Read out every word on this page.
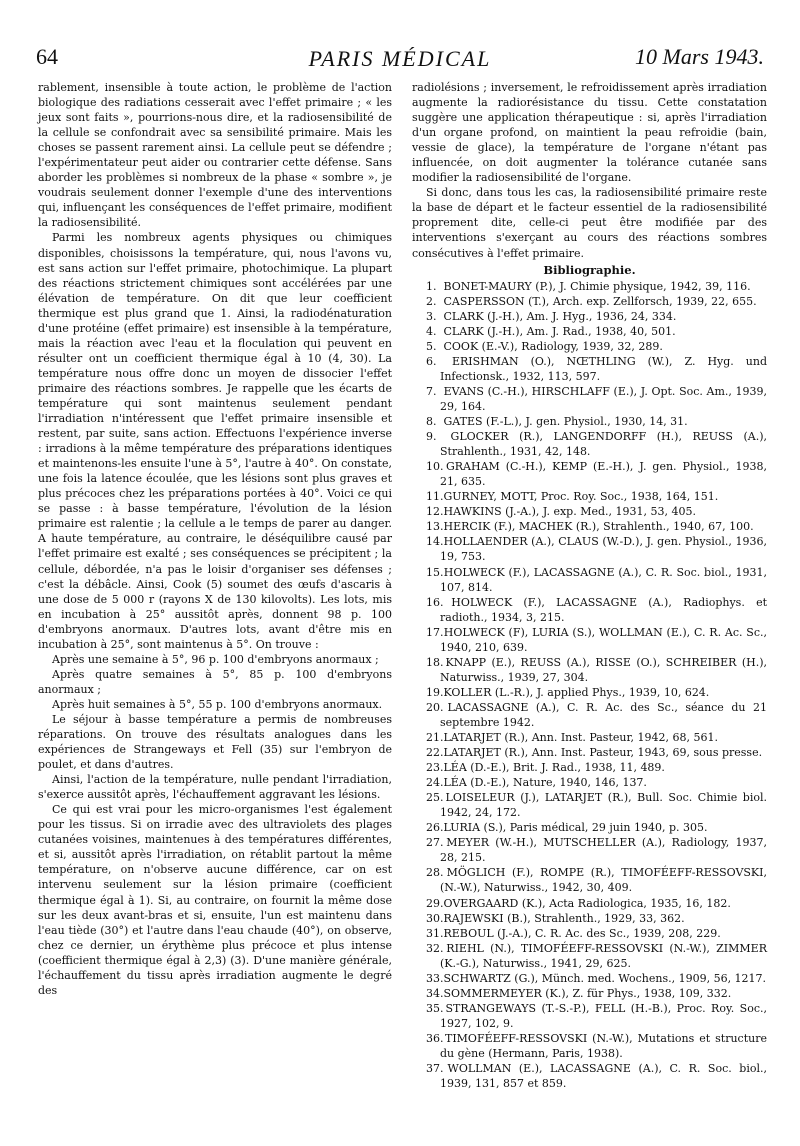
64	PARIS MÉDICAL	10 Mars 1943.

rablement, insensible à toute action, le problème de l'action biologique des radiations cesserait avec l'effet primaire ; « les jeux sont faits », pourrions-nous dire, et la radiosensibilité de la cellule se confondrait avec sa sensibilité primaire. Mais les choses se passent rarement ainsi. La cellule peut se défendre ; l'expérimentateur peut aider ou contrarier cette défense. Sans aborder les problèmes si nombreux de la phase « sombre », je voudrais seulement donner l'exemple d'une des interventions qui, influençant les conséquences de l'effet primaire, modifient la radiosensibilité.

Parmi les nombreux agents physiques ou chimiques disponibles, choisissons la température, qui, nous l'avons vu, est sans action sur l'effet primaire, photochimique. La plupart des réactions strictement chimiques sont accélérées par une élévation de température. On dit que leur coefficient thermique est plus grand que 1. Ainsi, la radiodénaturation d'une protéine (effet primaire) est insensible à la température, mais la réaction avec l'eau et la floculation qui peuvent en résulter ont un coefficient thermique égal à 10 (4, 30). La température nous offre donc un moyen de dissocier l'effet primaire des réactions sombres. Je rappelle que les écarts de température qui sont maintenus seulement pendant l'irradiation n'intéressent que l'effet primaire insensible et restent, par suite, sans action. Effectuons l'expérience inverse : irradions à la même température des préparations identiques et maintenons-les ensuite l'une à 5°, l'autre à 40°. On constate, une fois la latence écoulée, que les lésions sont plus graves et plus précoces chez les préparations portées à 40°. Voici ce qui se passe : à basse température, l'évolution de la lésion primaire est ralentie ; la cellule a le temps de parer au danger. A haute température, au contraire, le déséquilibre causé par l'effet primaire est exalté ; ses conséquences se précipitent ; la cellule, débordée, n'a pas le loisir d'organiser ses défenses ; c'est la débâcle. Ainsi, Cook (5) soumet des œufs d'ascaris à une dose de 5 000 r (rayons X de 130 kilovolts). Les lots, mis en incubation à 25° aussitôt après, donnent 98 p. 100 d'embryons anormaux. D'autres lots, avant d'être mis en incubation à 25°, sont maintenus à 5°. On trouve :

Après une semaine à 5°, 96 p. 100 d'embryons anormaux ;

Après quatre semaines à 5°, 85 p. 100 d'embryons anormaux ;

Après huit semaines à 5°, 55 p. 100 d'embryons anormaux.

Le séjour à basse température a permis de nombreuses réparations. On trouve des résultats analogues dans les expériences de Strangeways et Fell (35) sur l'embryon de poulet, et dans d'autres.

Ainsi, l'action de la température, nulle pendant l'irradiation, s'exerce aussitôt après, l'échauffement aggravant les lésions.

Ce qui est vrai pour les micro-organismes l'est également pour les tissus. Si on irradie avec des ultraviolets des plages cutanées voisines, maintenues à des températures différentes, et si, aussitôt après l'irradiation, on rétablit partout la même température, on n'observe aucune différence, car on est intervenu seulement sur la lésion primaire (coefficient thermique égal à 1). Si, au contraire, on fournit la même dose sur les deux avant-bras et si, ensuite, l'un est maintenu dans l'eau tiède (30°) et l'autre dans l'eau chaude (40°), on observe, chez ce dernier, un érythème plus précoce et plus intense (coefficient thermique égal à 2,3) (3). D'une manière générale, l'échauffement du tissu après irradiation augmente le degré des

radiolésions ; inversement, le refroidissement après irradiation augmente la radiorésistance du tissu. Cette constatation suggère une application thérapeutique : si, après l'irradiation d'un organe profond, on maintient la peau refroidie (bain, vessie de glace), la température de l'organe n'étant pas influencée, on doit augmenter la tolérance cutanée sans modifier la radiosensibilité de l'organe.

Si donc, dans tous les cas, la radiosensibilité primaire reste la base de départ et le facteur essentiel de la radiosensibilité proprement dite, celle-ci peut être modifiée par des interventions s'exerçant au cours des réactions sombres consécutives à l'effet primaire.

Bibliographie.
1. BONET-MAURY (P.), J. Chimie physique, 1942, 39, 116.
2. CASPERSSON (T.), Arch. exp. Zellforsch, 1939, 22, 655.
3. CLARK (J.-H.), Am. J. Hyg., 1936, 24, 334.
4. CLARK (J.-H.), Am. J. Rad., 1938, 40, 501.
5. COOK (E.-V.), Radiology, 1939, 32, 289.
6. ERISHMAN (O.), NŒTHLING (W.), Z. Hyg. und Infectionsk., 1932, 113, 597.
7. EVANS (C.-H.), HIRSCHLAFF (E.), J. Opt. Soc. Am., 1939, 29, 164.
8. GATES (F.-L.), J. gen. Physiol., 1930, 14, 31.
9. GLOCKER (R.), LANGENDORFF (H.), REUSS (A.), Strahlenth., 1931, 42, 148.
10. GRAHAM (C.-H.), KEMP (E.-H.), J. gen. Physiol., 1938, 21, 635.
11. GURNEY, MOTT, Proc. Roy. Soc., 1938, 164, 151.
12. HAWKINS (J.-A.), J. exp. Med., 1931, 53, 405.
13. HERCIK (F.), MACHEK (R.), Strahlenth., 1940, 67, 100.
14. HOLLAENDER (A.), CLAUS (W.-D.), J. gen. Physiol., 1936, 19, 753.
15. HOLWECK (F.), LACASSAGNE (A.), C. R. Soc. biol., 1931, 107, 814.
16. HOLWECK (F.), LACASSAGNE (A.), Radiophys. et radioth., 1934, 3, 215.
17. HOLWECK (F), LURIA (S.), WOLLMAN (E.), C. R. Ac. Sc., 1940, 210, 639.
18. KNAPP (E.), REUSS (A.), RISSE (O.), SCHREIBER (H.), Naturwiss., 1939, 27, 304.
19. KOLLER (L.-R.), J. applied Phys., 1939, 10, 624.
20. LACASSAGNE (A.), C. R. Ac. des Sc., séance du 21 septembre 1942.
21. LATARJET (R.), Ann. Inst. Pasteur, 1942, 68, 561.
22. LATARJET (R.), Ann. Inst. Pasteur, 1943, 69, sous presse.
23. LÉA (D.-E.), Brit. J. Rad., 1938, 11, 489.
24. LÉA (D.-E.), Nature, 1940, 146, 137.
25. LOISELEUR (J.), LATARJET (R.), Bull. Soc. Chimie biol. 1942, 24, 172.
26. LURIA (S.), Paris médical, 29 juin 1940, p. 305.
27. MEYER (W.-H.), MUTSCHELLER (A.), Radiology, 1937, 28, 215.
28. MÖGLICH (F.), ROMPE (R.), TIMOFÉEFF-RESSOVSKI, (N.-W.), Naturwiss., 1942, 30, 409.
29. OVERGAARD (K.), Acta Radiologica, 1935, 16, 182.
30. RAJEWSKI (B.), Strahlenth., 1929, 33, 362.
31. REBOUL (J.-A.), C. R. Ac. des Sc., 1939, 208, 229.
32. RIEHL (N.), TIMOFÉEFF-RESSOVSKI (N.-W.), ZIMMER (K.-G.), Naturwiss., 1941, 29, 625.
33. SCHWARTZ (G.), Münch. med. Wochens., 1909, 56, 1217.
34. SOMMERMEYER (K.), Z. für Phys., 1938, 109, 332.
35. STRANGEWAYS (T.-S.-P.), FELL (H.-B.), Proc. Roy. Soc., 1927, 102, 9.
36. TIMOFÉEFF-RESSOVSKI (N.-W.), Mutations et structure du gène (Hermann, Paris, 1938).
37. WOLLMAN (E.), LACASSAGNE (A.), C. R. Soc. biol., 1939, 131, 857 et 859.
